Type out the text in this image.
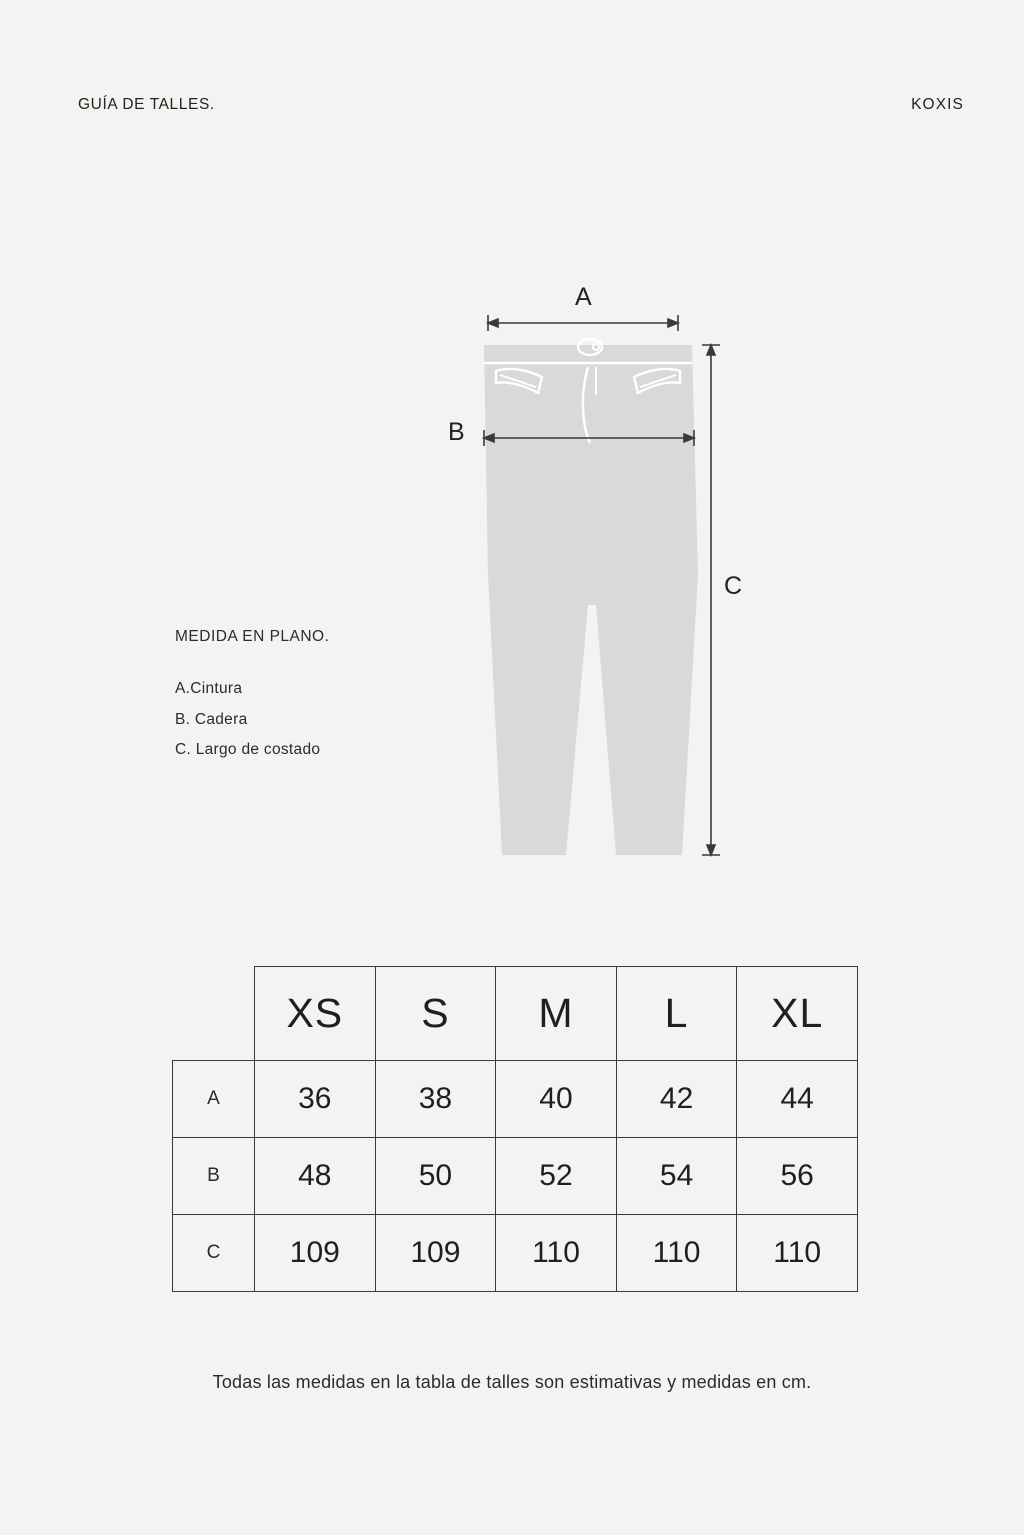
GUÍA DE TALLES.	KOXIS
A
B
C
MEDIDA EN PLANO.
A.Cintura
B. Cadera
C. Largo de costado
	XS	S	M	L	XL
A	36	38	40	42	44
B	48	50	52	54	56
C	109	109	110	110	110
Todas las medidas en la tabla de talles son estimativas y medidas en cm.
